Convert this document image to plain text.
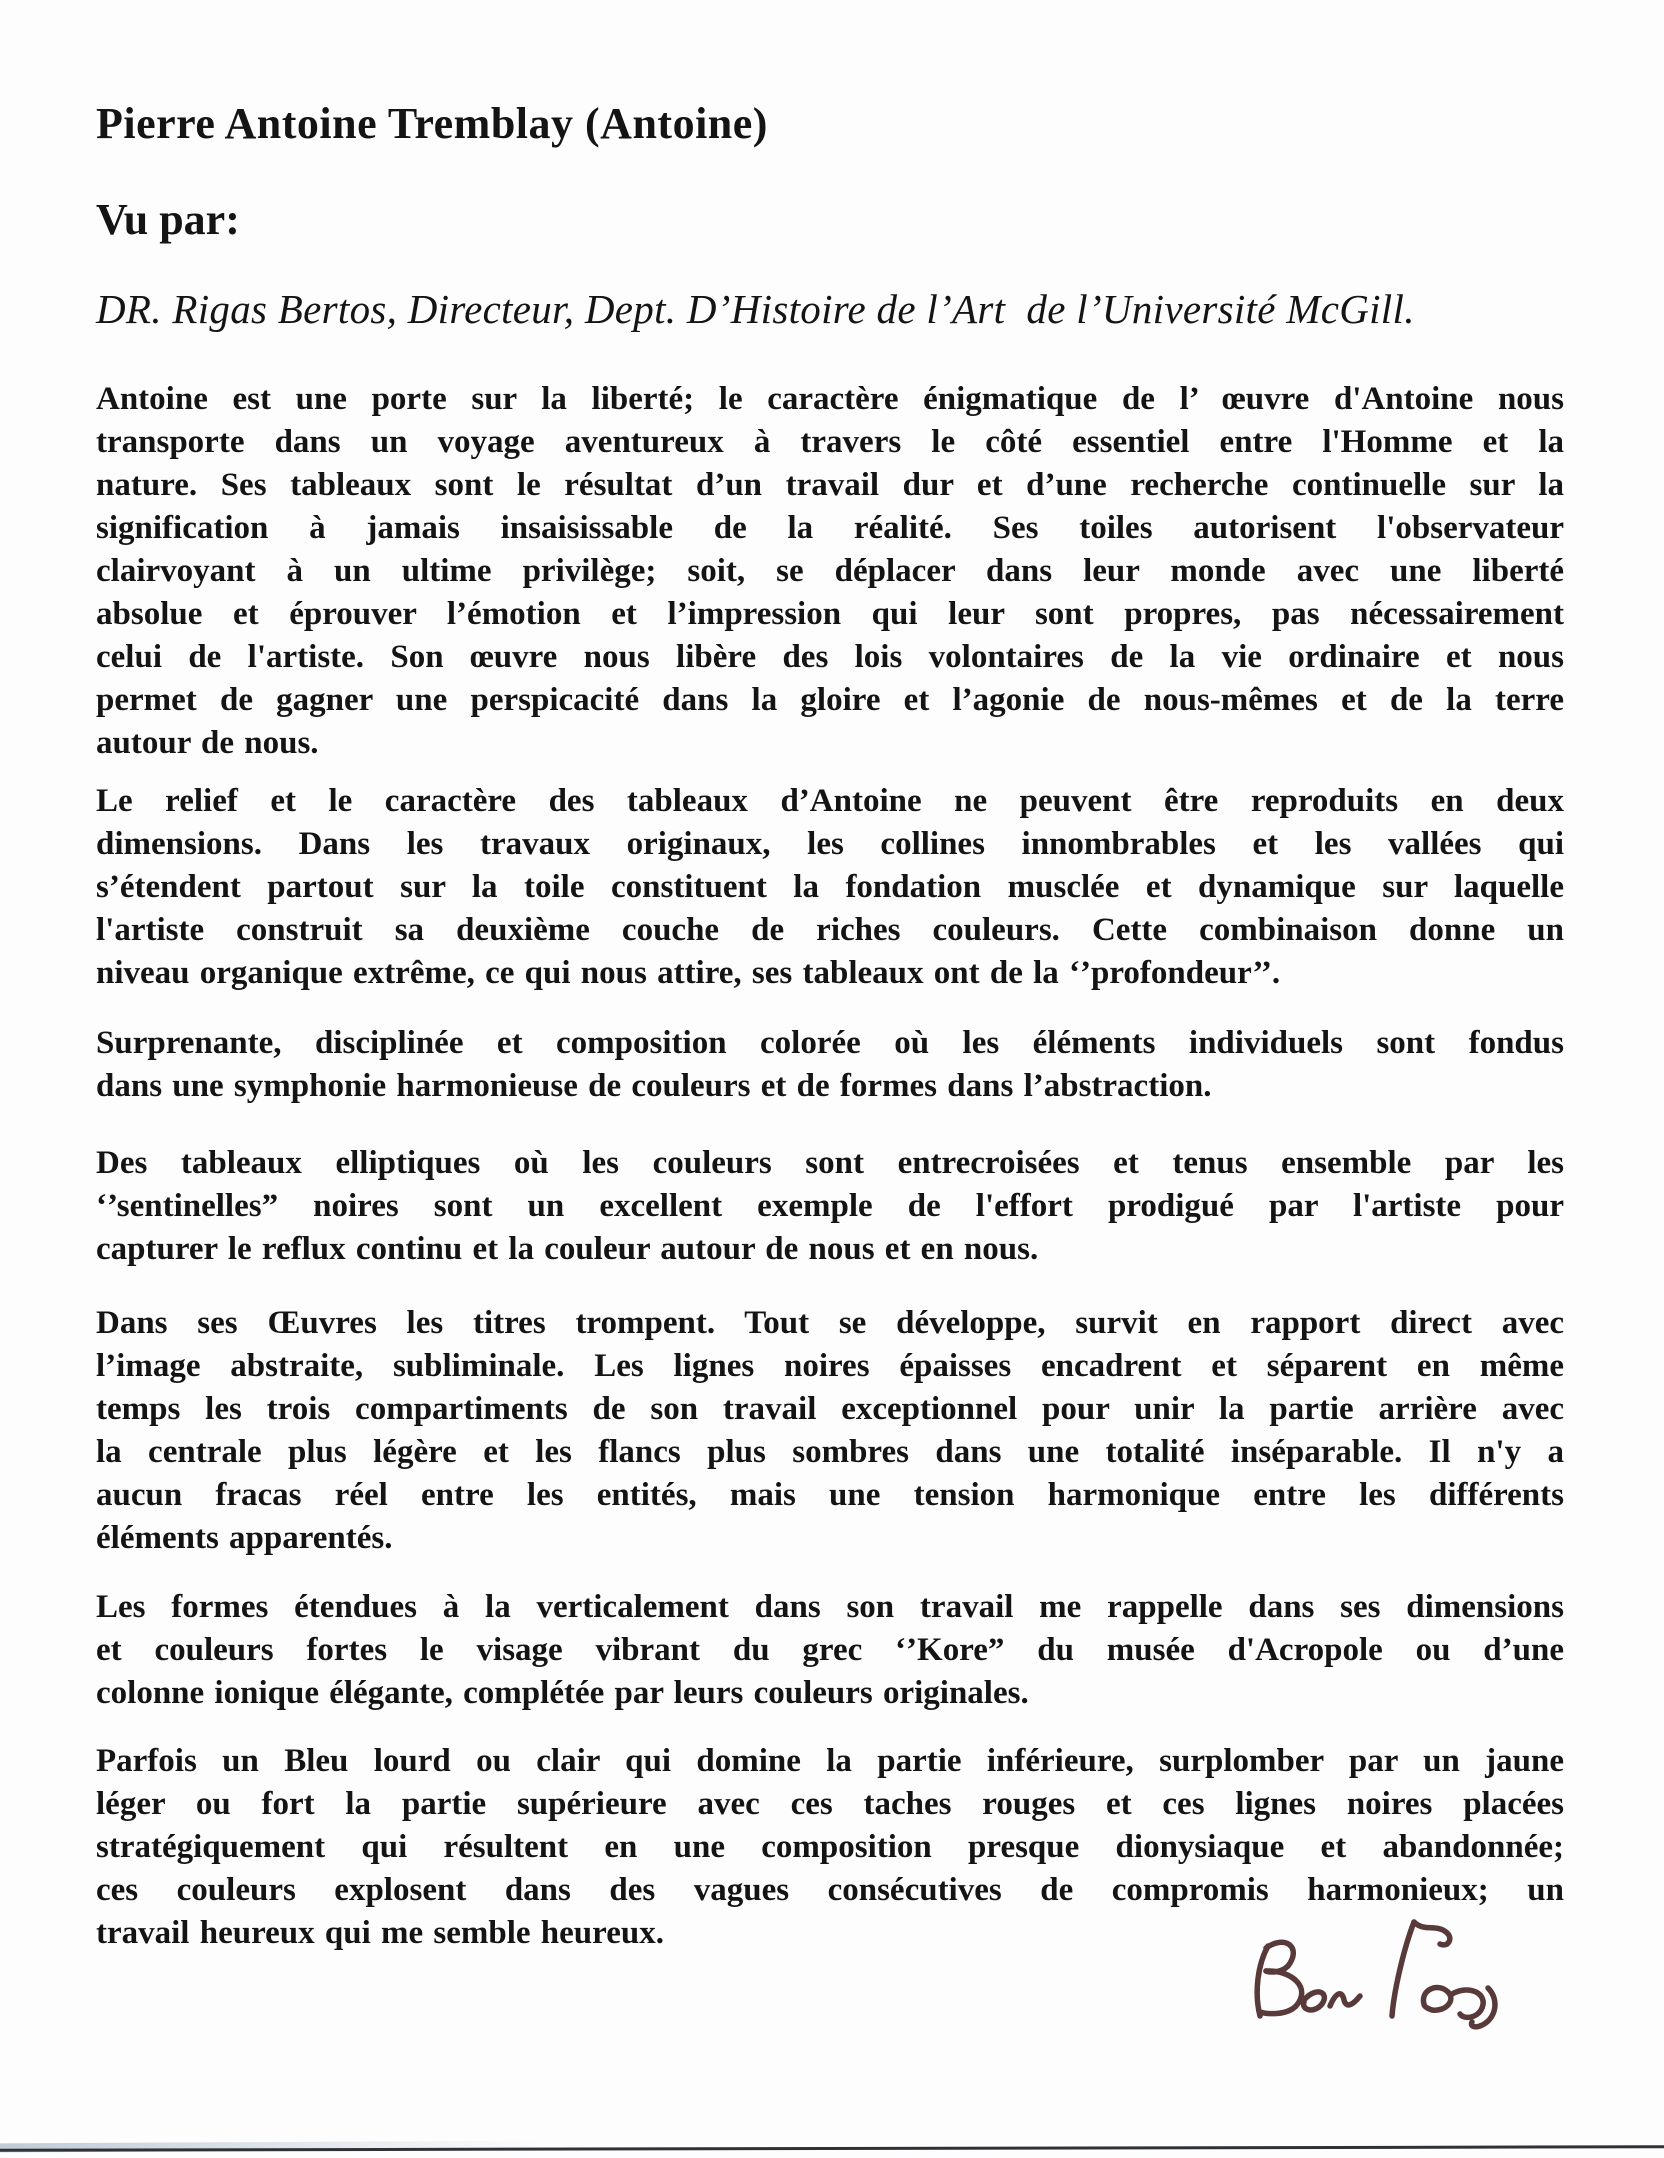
Pierre Antoine Tremblay (Antoine)
Vu par:
DR. Rigas Bertos, Directeur, Dept. D’Histoire de l’Art  de l’Université McGill.
Antoine est une porte sur la liberté; le caractère énigmatique de l’ œuvre d'Antoine nous
transporte dans un voyage aventureux à travers le côté essentiel entre l'Homme et la
nature. Ses tableaux sont le résultat d’un travail dur et d’une recherche continuelle sur la
signification à jamais insaisissable de la réalité. Ses toiles autorisent l'observateur
clairvoyant à un ultime privilège; soit, se déplacer dans leur monde avec une liberté
absolue et éprouver l’émotion et l’impression qui leur sont propres, pas nécessairement
celui de l'artiste. Son œuvre nous libère des lois volontaires de la vie ordinaire et nous
permet de gagner une perspicacité dans la gloire et l’agonie de nous-mêmes et de la terre
autour de nous.
Le relief et le caractère des tableaux d’Antoine ne peuvent être reproduits en deux
dimensions. Dans les travaux originaux, les collines innombrables et les vallées qui
s’étendent partout sur la toile constituent la fondation musclée et dynamique sur laquelle
l'artiste construit sa deuxième couche de riches couleurs. Cette combinaison donne un
niveau organique extrême, ce qui nous attire, ses tableaux ont de la ‘’profondeur’’.
Surprenante, disciplinée et composition colorée où les éléments individuels sont fondus
dans une symphonie harmonieuse de couleurs et de formes dans l’abstraction.
Des tableaux elliptiques où les couleurs sont entrecroisées et tenus ensemble par les
‘’sentinelles” noires sont un excellent exemple de l'effort prodigué par l'artiste pour
capturer le reflux continu et la couleur autour de nous et en nous.
Dans ses Œuvres les titres trompent. Tout se développe, survit en rapport direct avec
l’image abstraite, subliminale. Les lignes noires épaisses encadrent et séparent en même
temps les trois compartiments de son travail exceptionnel pour unir la partie arrière avec
la centrale plus légère et les flancs plus sombres dans une totalité inséparable. Il n'y a
aucun fracas réel entre les entités, mais une tension harmonique entre les différents
éléments apparentés.
Les formes étendues à la verticalement dans son travail me rappelle dans ses dimensions
et couleurs fortes le visage vibrant du grec ‘’Kore” du musée d'Acropole ou d’une
colonne ionique élégante, complétée par leurs couleurs originales.
Parfois un Bleu lourd ou clair qui domine la partie inférieure, surplomber par un jaune
léger ou fort la partie supérieure avec ces taches rouges et ces lignes noires placées
stratégiquement qui résultent en une composition presque dionysiaque et abandonnée;
ces couleurs explosent dans des vagues consécutives de compromis harmonieux; un
travail heureux qui me semble heureux.
